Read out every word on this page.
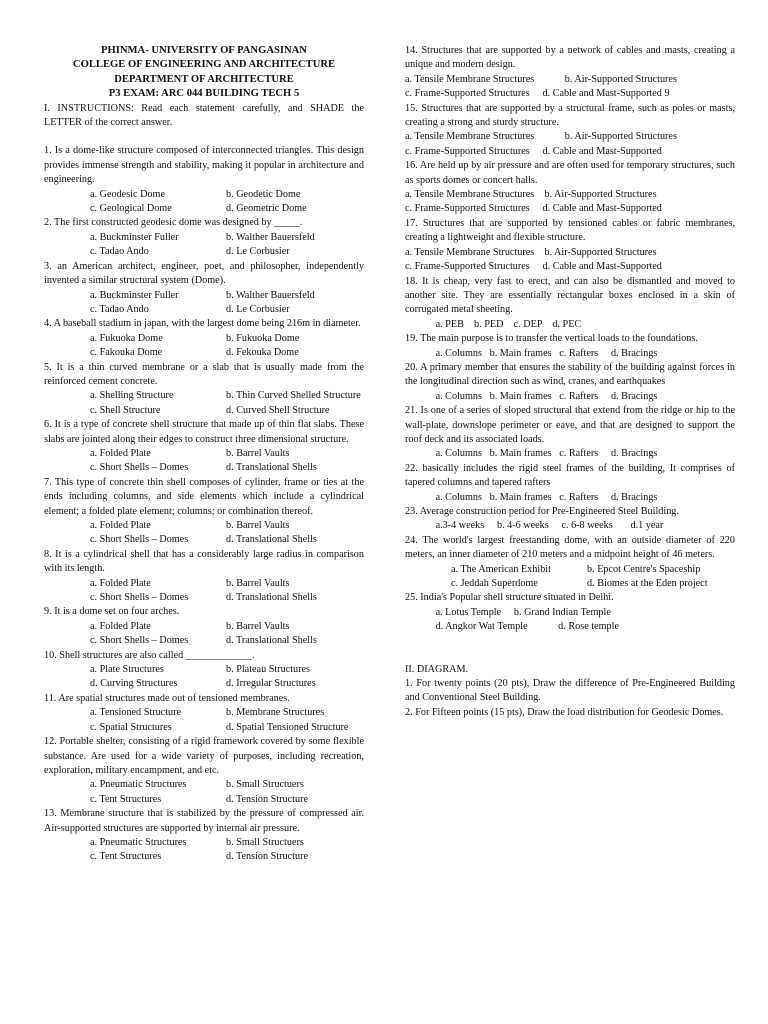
PHINMA- UNIVERSITY OF PANGASINAN
COLLEGE OF ENGINEERING AND ARCHITECTURE
DEPARTMENT OF ARCHITECTURE
P3 EXAM: ARC 044 BUILDING TECH 5

I. INSTRUCTIONS: Read each statement carefully, and SHADE the LETTER of the correct answer.

1. Is a dome-like structure composed of interconnected triangles. This design provides immense strength and stability, making it popular in architecture and engineering.

a. Geodesic Dome	b. Geodetic Dome
c. Geological Dome	d. Geometric Dome

2. The first constructed geodesic dome was designed by _____.

a. Buckminster Fuller	b. Walther Bauersfeld
c. Tadao Ando	d. Le Corbusier

3. an American architect, engineer, poet, and philosopher, independently invented a similar structural system (Dome).

a. Buckminster Fuller	b. Walther Bauersfeld
c. Tadao Ando	d. Le Corbusier

4. A baseball stadium in japan, with the largest dome being 216m in diameter.

a. Fukuoka Dome	b. Fukuoka Dome
c. Fakouka Dome	d. Fekouka Dome

5. It is a thin curved membrane or a slab that is usually made from the reinforced cement concrete.

a. Shelling Structure	b. Thin Curved Shelled Structure
c. Shell Structure	d. Curved Shell Structure

6. It is a type of concrete shell structure that made up of thin flat slabs. These slabs are jointed along their edges to construct three dimensional structure.

a. Folded Plate	b. Barrel Vaults
c. Short Shells – Domes	d. Translational Shells

7. This type of concrete thin shell composes of cylinder, frame or ties at the ends including columns, and side elements which include a cylindrical element; a folded plate element; columns; or combination thereof.

a. Folded Plate	b. Barrel Vaults
c. Short Shells – Domes	d. Translational Shells

8. It is a cylindrical shell that has a considerably large radius in comparison with its length.

a. Folded Plate	b. Barrel Vaults
c. Short Shells – Domes	d. Translational Shells

9. It is a dome set on four arches.

a. Folded Plate	b. Barrel Vaults
c. Short Shells – Domes	d. Translational Shells

10. Shell structures are also called _____________.

a. Plate Structures	b. Plateau Structures
d. Curving Structures	d. Irregular Structures

11. Are spatial structures made out of tensioned membranes.

a. Tensioned Structure	b. Membrane Structures
c. Spatial Structures	d. Spatial Tensioned Structure

12. Portable shelter, consisting of a rigid framework covered by some flexible substance. Are used for a wide variety of purposes, including recreation, exploration, military encampment, and etc.

a. Pneumatic Structures	b. Small Structuers
c. Tent Structures	d. Tension Structure

13. Membrane structure that is stabilized by the pressure of compressed air. Air-supported structures are supported by internal air pressure.

a. Pneumatic Structures	b. Small Structuers
c. Tent Structures	d. Tension Structure

14. Structures that are supported by a network of cables and masts, creating a unique and modern design.

a. Tensile Membrane Structures            b. Air-Supported Structures
c. Frame-Supported Structures     d. Cable and Mast-Supported 9

15. Structures that are supported by a structural frame, such as poles or masts, creating a strong and sturdy structure.

a. Tensile Membrane Structures            b. Air-Supported Structures
c. Frame-Supported Structures     d. Cable and Mast-Supported

16. Are held up by air pressure and are often used for temporary structures, such as sports domes or concert halls.

a. Tensile Membrane Structures    b. Air-Supported Structures
c. Frame-Supported Structures     d. Cable and Mast-Supported

17. Structures that are supported by tensioned cables or fabric membranes, creating a lightweight and flexible structure.

a. Tensile Membrane Structures    b. Air-Supported Structures
c. Frame-Supported Structures     d. Cable and Mast-Supported

18. It is cheap, very fast to erect, and can also be dismantled and moved to another site. They are essentially rectangular boxes enclosed in a skin of corrugated metal sheeting.

a. PEB    b. PED    c. DEP    d. PEC

19. The main purpose is to transfer the vertical loads to the foundations.

a. Columns   b. Main frames   c. Rafters     d. Bracings

20. A primary member that ensures the stability of the building against forces in the longitudinal direction such as wind, cranes, and earthquakes

a. Columns   b. Main frames   c. Rafters     d. Bracings

21. Is one of a series of sloped structural that extend from the ridge or hip to the wall-plate, downslope perimeter or eave, and that are designed to support the roof deck and its associated loads.

a. Columns   b. Main frames   c. Rafters     d. Bracings

22. basically includes the rigid steel frames of the building, It comprises of tapered columns and tapered rafters

a. Columns   b. Main frames   c. Rafters     d. Bracings

23. Average construction period for Pre-Engineered Steel Building.

a.3-4 weeks     b. 4-6 weeks     c. 6-8 weeks       d.1 year

24. The world's largest freestanding dome, with an outside diameter of 220 meters, an inner diameter of 210 meters and a midpoint height of 46 meters.

a. The American Exhibit	b. Epcot Centre's Spaceship
c. Jeddah Superdome	d. Biomes at the Eden project

25. India's Popular shell structure situated in Delhi.

a. Lotus Temple     b. Grand Indian Temple
d. Angkor Wat Temple            d. Rose temple

II. DIAGRAM.

1. For twenty points (20 pts), Draw the difference of Pre-Engineered Building and Conventional Steel Building.

2. For Fifteen points (15 pts), Draw the load distribution for Geodesic Domes.
